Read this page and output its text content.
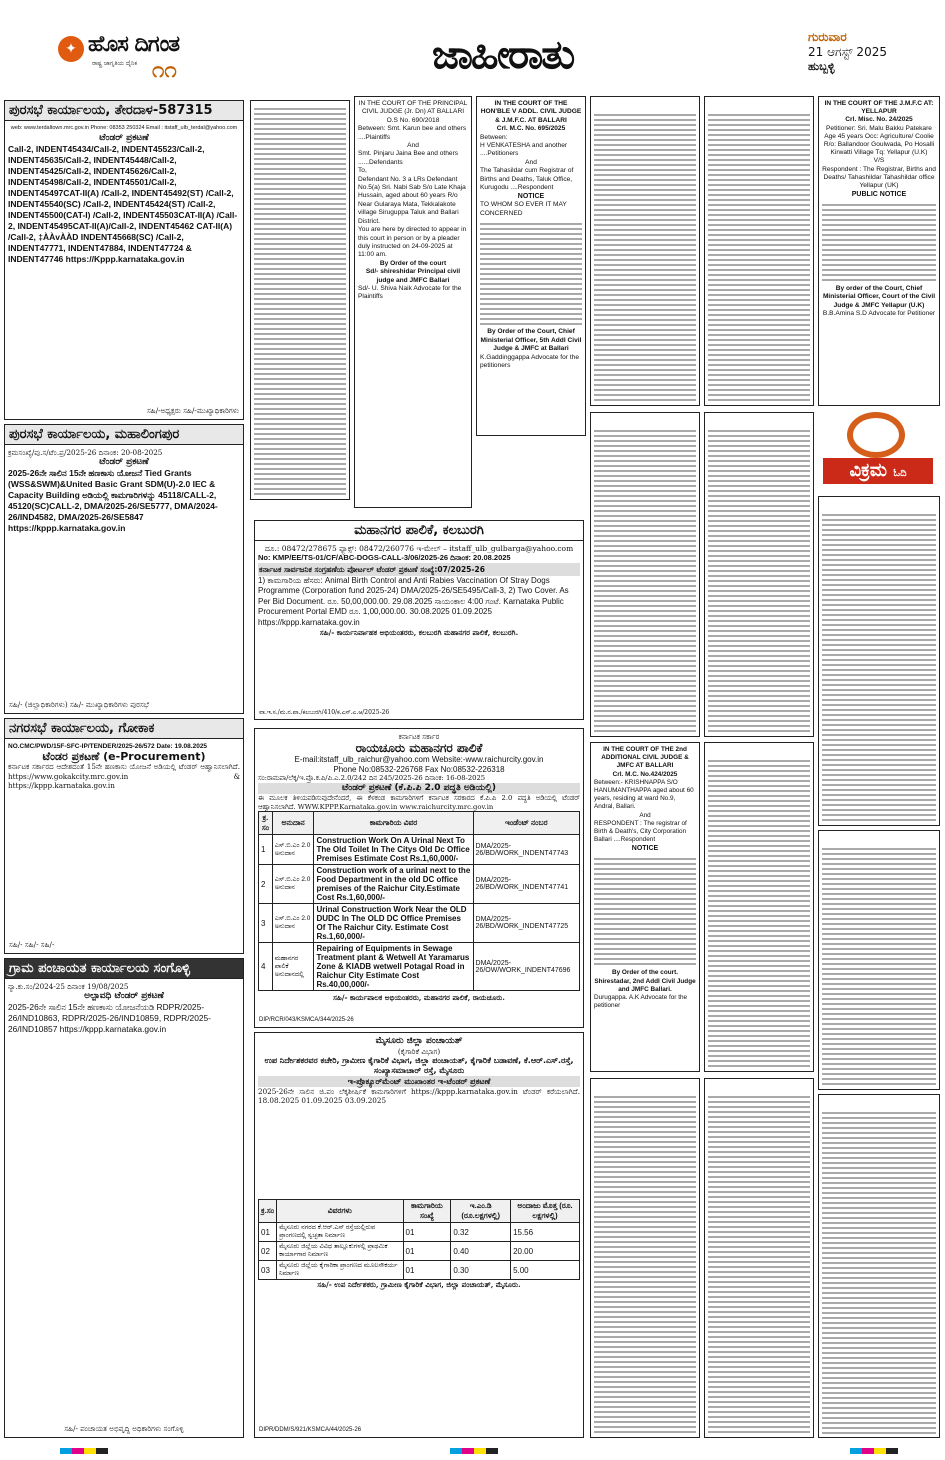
✦ ಹೊಸ ದಿಗಂತ
ರಾಷ್ಟ್ರ ಜಾಗೃತಿಯ ದೈನಿಕ ೧೧	ಜಾಹೀರಾತು	ಗುರುವಾರ
21 ಆಗಸ್ಟ್ 2025
ಹುಬ್ಬಳ್ಳಿ
ಪುರಸಭೆ ಕಾರ್ಯಾಲಯ, ತೇರದಾಳ-587315
web: www.terdaltown.mrc.gov.in Phone: 08353 250324 Email : itstaff_ulb_terdal@yahoo.com
ಟೆಂಡರ್ ಪ್ರಕಟಣೆ
Call-2, INDENT45434/Call-2, INDENT45523/Call-2, INDENT45635/Call-2, INDENT45448/Call-2, INDENT45425/Call-2, INDENT45626/Call-2, INDENT45498/Call-2, INDENT45501/Call-2, INDENT45497CAT-II(A) /Call-2, INDENT45492(ST) /Call-2, INDENT45540(SC) /Call-2, INDENT45424(ST) /Call-2, INDENT45500(CAT-I) /Call-2, INDENT45503CAT-II(A) /Call-2, INDENT45495CAT-II(A)/Call-2, INDENT45462 CAT-II(A) /Call-2, ‡ÀÀvÀÀD INDENT45668(SC) /Call-2, INDENT47771, INDENT47884, INDENT47724 & INDENT47746 https://Kppp.karnataka.gov.in
ಸಹಿ/-ಅಧ್ಯಕ್ಷರು ಸಹಿ/-ಮುಖ್ಯಾಧಿಕಾರಿಗಳು
ಪುರಸಭೆ ಕಾರ್ಯಾಲಯ, ಮಹಾಲಿಂಗಪುರ
ಕ್ರಮಸಂಖ್ಯೆ/ಪು.ಸ/ಟೆಂ.ಪ್ರ/2025-26 ದಿನಾಂಕ: 20-08-2025
ಟೆಂಡರ್ ಪ್ರಕಟಣೆ
2025-26ನೇ ಸಾಲಿನ 15ನೇ ಹಣಕಾಸು ಯೋಜನೆ Tied Grants (WSS&SWM)&United Basic Grant SDM(U)-2.0 IEC & Capacity Building ಅಡಿಯಲ್ಲಿ ಕಾಮಗಾರಿಗಳನ್ನು 45118/CALL-2, 45120(SC)CALL-2, DMA/2025-26/SE5777, DMA/2024-26/IND4582, DMA/2025-26/SE5847 https://kppp.karnataka.gov.in
ಸಹಿ/- (ಜಿಲ್ಲಾಧಿಕಾರಿಗಳು) ಸಹಿ/- ಮುಖ್ಯಾಧಿಕಾರಿಗಳು ಪುರಸಭೆ
ನಗರಸಭೆ ಕಾರ್ಯಾಲಯ, ಗೋಕಾಕ
NO.CMC/PWD/15F-SFC-IP/TENDER/2025-26/572 Date: 19.08.2025
ಟೆಂಡರ ಪ್ರಕಟಣೆ (e-Procurement)
ಕರ್ನಾಟಕ ಸರ್ಕಾರದ ಆದೇಶದಂತೆ 15ನೇ ಹಣಕಾಸು ಯೋಜನೆ ಅಡಿಯಲ್ಲಿ ಟೆಂಡರ್ ಆಹ್ವಾನಿಸಲಾಗಿದೆ. https://www.gokakcity.mrc.gov.in & https://kppp.karnataka.gov.in
ಸಹಿ/- ಸಹಿ/- ಸಹಿ/-
ಗ್ರಾಮ ಪಂಚಾಯತ ಕಾರ್ಯಾಲಯ ಸಂಗೊಳ್ಳಿ
ನ್ಯಾ.ಕು.ಸಂ/2024-25 ದಿನಾಂಕ 19/08/2025
ಅಲ್ಪಾವಧಿ ಟೆಂಡರ್ ಪ್ರಕಟಣೆ
2025-26ನೇ ಸಾಲಿನ 15ನೇ ಹಣಕಾಸು ಯೋಜನೆಯಡಿ RDPR/2025-26/IND10863, RDPR/2025-26/IND10859, RDPR/2025-26/IND10857 https://kppp.karnataka.gov.in
ಸಹಿ/- ಪಂಚಾಯತ ಅಭಿವೃದ್ಧಿ ಅಧಿಕಾರಿಗಳು ಸಂಗೊಳ್ಳಿ
IN THE COURT OF THE PRINCIPAL CIVIL JUDGE (Jr. Dn) AT BALLARI
O.S No. 690/2018
Between: Smt. Karun bee and others ....Plaintiffs
And
Smt. Pinjaru Jaina Bee and others ......Defendants
To,
Defendant No. 3 a LRs Defendant No.5(a) Sri. Nabi Sab S/o Late Khaja Hussain, aged about 60 years R/o Near Gularaya Mata, Tekkalakote village Siruguppa Taluk and Ballari District.
You are here by directed to appear in this court in person or by a pleader duly instructed on 24-09-2025 at 11:00 am.
By Order of the court
Sd/- shireshidar Principal civil judge and JMFC Ballari
Sd/- U. Shiva Naik Advocate for the Plaintiffs
IN THE COURT OF THE HON'BLE V ADDL. CIVIL JUDGE & J.M.F.C. AT BALLARI
Crl. M.C. No. 695/2025
Between:
H VENKATESHA and another ....Petitioners
And
The Tahasildar cum Registrar of Births and Deaths, Taluk Office, Kurugodu ....Respondent
NOTICE
TO WHOM SO EVER IT MAY CONCERNED
By Order of the Court, Chief Ministerial Officer, 5th Addl Civil Judge & JMFC at Ballari
K.Gaddinggappa Advocate for the petitioners
ಮಹಾನಗರ ಪಾಲಿಕೆ, ಕಲಬುರಗಿ
ದೂ.: 08472/278675 ಫ್ಯಾಕ್ಸ್: 08472/260776 ಇ-ಮೇಲ್ – itstaff_ulb_gulbarga@yahoo.com
No: KMP/EE/TS-01/CF/ABC-DOGS-CALL-3/06/2025-26 ದಿನಾಂಕ: 20.08.2025
ಕರ್ನಾಟಕ ಸಾರ್ವಜನಿಕ ಸಂಗ್ರಹಣೆಯ ಪೋರ್ಟಲ್ ಟೆಂಡರ್ ಪ್ರಕಟಣೆ ಸಂಖ್ಯೆ:07/2025-26
1) ಕಾಮಗಾರಿಯ ಹೆಸರು: Animal Birth Control and Anti Rabies Vaccination Of Stray Dogs Programme (Corporation fund 2025-24) DMA/2025-26/SE5495/Call-3, 2) Two Cover. As Per Bid Document. ರೂ. 50,00,000.00. 29.08.2025 ಸಾಯಂಕಾಲ 4:00 ಗಂಟೆ. Karnataka Public Procurement Portal EMD ರೂ. 1,00,000.00. 30.08.2025 01.09.2025 https://kppp.karnataka.gov.in
ಸಹಿ/- ಕಾರ್ಯನಿರ್ವಾಹಕ ಅಭಿಯಂತರರು, ಕಲಬುರಗಿ ಮಹಾನಗರ ಪಾಲಿಕೆ, ಕಲಬುರಗಿ.
ವಾ.ಇ.ಸ./ಮ.ನ.ಪಾ./ಕಲಬುರಗಿ/410/ಕ.ಎಸ್.ಎ.ಆ/2025-26
ಕರ್ನಾಟಕ ಸರ್ಕಾರ
ರಾಯಚೂರು ಮಹಾನಗರ ಪಾಲಿಕೆ
E-mail:itstaff_ulb_raichur@yahoo.com Website:-www.raichurcity.gov.in
Phone No:08532-226768 Fax No:08532-226318
ಸಂ:ರಾಮಪಾ/ಲೆಕ್ಕ/ಇ.ಪ್ರೊ.ಕ.ಪಿ/ಪಿ.ಎ.2.0/242 ದಿನ 245/2025-26 ದಿನಾಂಕ: 16-08-2025
ಟೆಂಡರ್ ಪ್ರಕಟಣೆ (ಕೆ.ಪಿ.ಪಿ 2.0 ಪದ್ಧತಿ ಅಡಿಯಲ್ಲಿ)
ಈ ಮೂಲಕ ತಿಳಿಯಪಡಿಸುವುದೇನೆಂದರೆ, ಈ ಕೆಳಕಂಡ ಕಾಮಗಾರಿಗಳಿಗೆ ಕರ್ನಾಟಕ ಸರಕಾರದ ಕೆ.ಪಿ.ಪಿ 2.0 ಪದ್ಧತಿ ಅಡಿಯಲ್ಲಿ ಟೆಂಡರ್ ಆಹ್ವಾನಿಸಲಾಗಿದೆ. WWW.KPPP.Karnataka.gov.in www.raichurcity.mrc.gov.in
ಕ್ರ. ಸಂ	ಅನುದಾನ	ಕಾಮಗಾರಿಯ ವಿವರ	ಇಂಡೆಂಟ್ ನಂಬರ
1	ಎಸ್.ಬಿ.ಎಂ 2.0 ಅನುದಾನ	Construction Work On A Urinal Next To The Old Toilet In The Citys Old Dc Office Premises Estimate Cost Rs.1,60,000/-	DMA/2025-26/BD/WORK_INDENT47743
2	ಎಸ್.ಬಿ.ಎಂ 2.0 ಅನುದಾನ	Construction work of a urinal next to the Food Department in the old DC office premises of the Raichur City.Estimate Cost Rs.1,60,000/-	DMA/2025-26/BD/WORK_INDENT47741
3	ಎಸ್.ಬಿ.ಎಂ 2.0 ಅನುದಾನ	Urinal Construction Work Near the OLD DUDC In The OLD DC Office Premises Of The Raichur City. Estimate Cost Rs.1,60,000/-	DMA/2025-26/BD/WORK_INDENT47725
4	ಮಹಾನಗರ ಪಾಲಿಕೆ ಅನುದಾನದಲ್ಲಿ	Repairing of Equipments in Sewage Treatment plant & Wetwell At Yaramarus Zone & KIADB wetwell Potagal Road in Raichur City Estimate Cost Rs.40,00,000/-	DMA/2025-26/OW/WORK_INDENT47696
ಸಹಿ/- ಕಾರ್ಯಪಾಲಕ ಅಭಿಯಂತರರು, ಮಹಾನಗರ ಪಾಲಿಕೆ, ರಾಯಚೂರು.
DIP/RCR/043/KSMCA/344/2025-26
ಮೈಸೂರು ಜಿಲ್ಲಾ ಪಂಚಾಯತ್
(ಕೈಗಾರಿಕೆ ವಿಭಾಗ)
ಉಪ ನಿರ್ದೇಶಕರವರ ಕಚೇರಿ, ಗ್ರಾಮೀಣ ಕೈಗಾರಿಕೆ ವಿಭಾಗ, ಜಿಲ್ಲಾ ಪಂಚಾಯತ್, ಕೈಗಾರಿಕೆ ಬಡಾವಣೆ, ಕೆ.ಆರ್.ಎಸ್.ರಸ್ತೆ, ಸಂಖ್ಯಾಸಮಾಚಾರ್ ರಸ್ತೆ, ಮೈಸೂರು
ಇ-ಪ್ರೊಕ್ಯೂರ್‌ಮೆಂಟ್ ಮುಖಾಂತರ ಇ-ಟೆಂಡರ್ ಪ್ರಕಟಣೆ
2025-26ನೇ ಸಾಲಿನ ಜಿ.ಪಂ ಲೆಕ್ಕಶೀರ್ಷಿಕೆ ಕಾಮಗಾರಿಗಳಿಗೆ https://kppp.karnataka.gov.in ಟೆಂಡರ್ ಕರೆಯಲಾಗಿದೆ. 18.08.2025 01.09.2025 03.09.2025
ಕ್ರ.ಸಂ	ವಿವರಗಳು	ಕಾಮಗಾರಿಯ ಸಂಖ್ಯೆ	ಇ.ಎಂ.ಡಿ (ರೂ.ಲಕ್ಷಗಳಲ್ಲಿ)	ಅಂದಾಜು ಮೊತ್ತ (ರೂ. ಲಕ್ಷಗಳಲ್ಲಿ)
01	ಮೈಸೂರು ನಗರದ ಕೆ.ಆರ್.ಎಸ್ ರಸ್ತೆಯಲ್ಲಿರುವ ಪ್ರಾಂಗಣದಲ್ಲಿ ಸ್ವಚ್ಛತಾ ನಿರ್ಮಾಣ	01	0.32	15.56
02	ಮೈಸೂರು ಜಿಲ್ಲೆಯ ವಿವಿಧ ತಾಲ್ಲೂಕುಗಳಲ್ಲಿ ಪ್ರಾಥಮಿಕ ಕಾರ್ಯಾಗಾರ ನಿರ್ಮಾಣ	01	0.40	20.00
03	ಮೈಸೂರು ಜಿಲ್ಲೆಯ ಕೈಗಾರಿಕಾ ಪ್ರಾಂಗಣದ ಮೂಲಸೌಕರ್ಯ ನಿರ್ಮಾಣ	01	0.30	5.00
ಸಹಿ/- ಉಪ ನಿರ್ದೇಶಕರು, ಗ್ರಾಮೀಣ ಕೈಗಾರಿಕೆ ವಿಭಾಗ, ಜಿಲ್ಲಾ ಪಂಚಾಯತ್, ಮೈಸೂರು.
DIPR/DDM/S/921/KSMCA/44/2025-26
IN THE COURT OF THE 2nd ADDITIONAL CIVIL JUDGE & JMFC AT BALLARI
Crl. M.C. No.424/2025
Between:- KRISHNAPPA S/O HANUMANTHAPPA aged about 60 years, residing at ward No.9, Andral, Ballari.
And
RESPONDENT : The registrar of Birth & Death's, City Corporation Ballari ....Respondent
NOTICE
By Order of the court. Shirestadar, 2nd Addl Civil Judge and JMFC Ballari.
Durugappa. A.K Advocate for the petitioner
IN THE COURT OF THE J.M.F.C AT: YELLAPUR
Crl. Misc. No. 24/2025
Petitioner: Sri. Malu Bakku Patekare Age 45 years Occ: Agriculture/ Coolie R/o: Ballandoor Goulwada, Po Hosalli Kirwatti Village Tq: Yellapur (U.K)
V/S
Respondent : The Registrar, Births and Deaths/ Tahashildar Tahashildar office Yellapur (UK)
PUBLIC NOTICE
By order of the Court, Chief Ministerial Officer, Court of the Civil Judge & JMFC Yellapur (U.K)
B.B.Amina S.D Advocate for Petitioner
ವಿಕ್ರಮ ಓದಿ
